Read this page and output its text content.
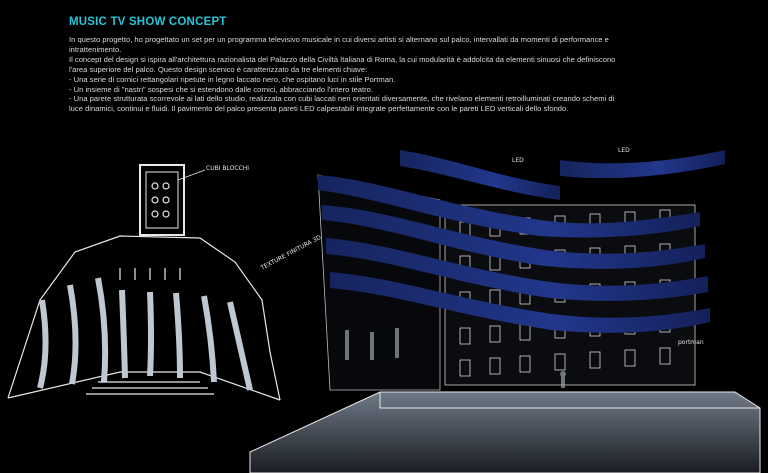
MUSIC TV SHOW CONCEPT
In questo progetto, ho progettato un set per un programma televisivo musicale in cui diversi artisti si alternano sul palco, intervallati da momenti di performance e
intrattenimento.
Il concept del design si ispira all'architettura razionalista del Palazzo della Civiltà Italiana di Roma, la cui modularità è addolcita da elementi sinuosi che definiscono
l'area superiore del palco. Questo design scenico è caratterizzato da tre elementi chiave:
- Una serie di cornici rettangolari ripetute in legno laccato nero, che ospitano luci in stile Portman.
- Un insieme di "nastri" sospesi che si estendono dalle cornici, abbracciando l'intero teatro.
- Una parete strutturata scorrevole ai lati dello studio, realizzata con cubi laccati neri orientati diversamente, che rivelano elementi retroilluminati creando schemi di
luce dinamici, continui e fluidi. Il pavimento del palco presenta pareti LED calpestabili integrate perfettamente con le pareti LED verticali dello sfondo.
CUBI BLOCCHI
TEXTURE FINITURA 3D
LED
LED
portman
